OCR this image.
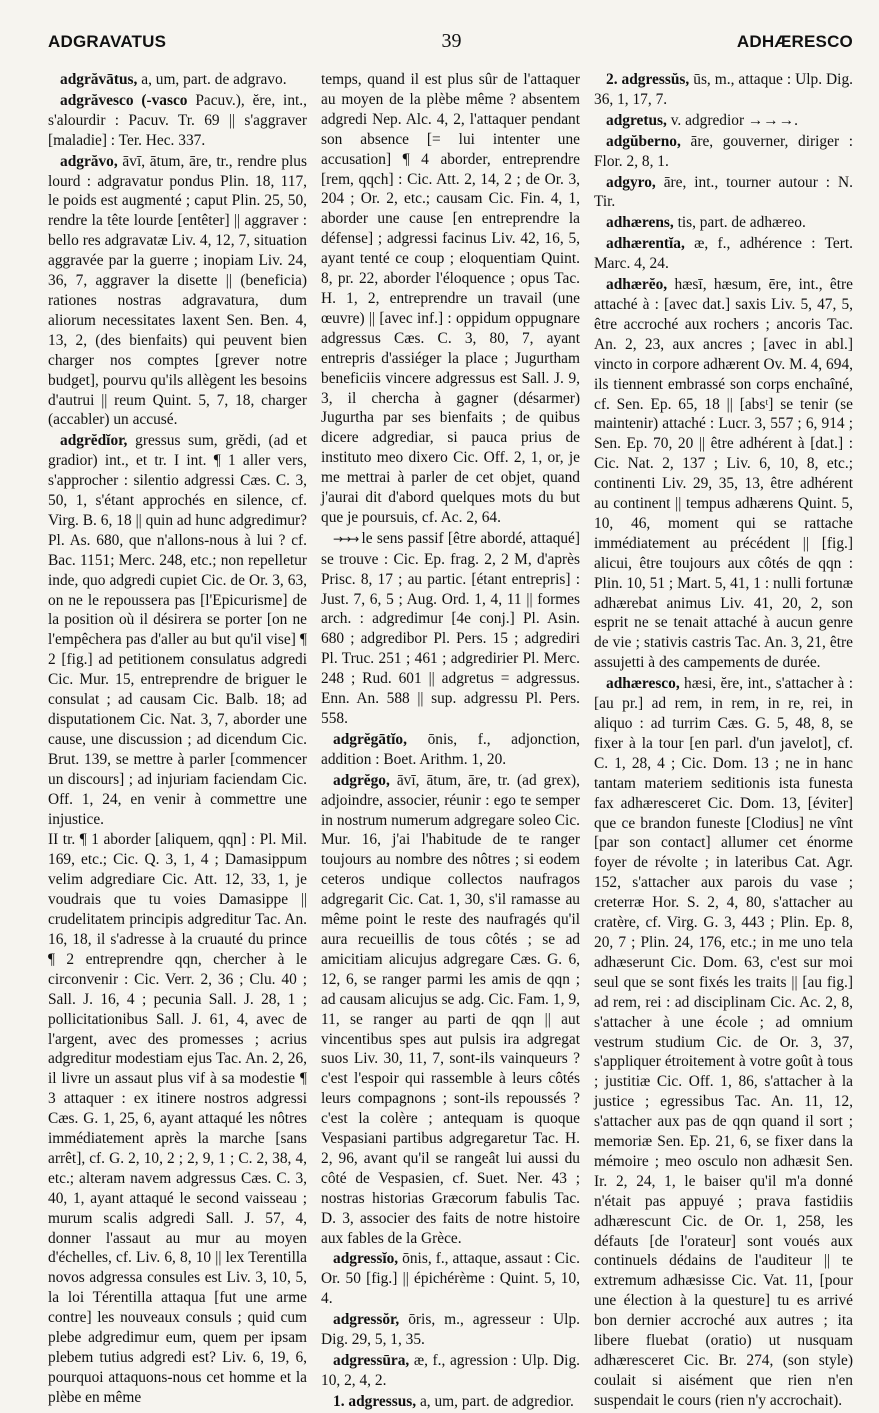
ADGRAVATUS	39	ADHÆRESCO

adgrăvātus, a, um, part. de adgravo.

adgrăvesco (-vasco Pacuv.), ĕre, int., s'alourdir : Pacuv. Tr. 69 || s'aggraver [maladie] : Ter. Hec. 337.

adgrăvo, āvī, ātum, āre, tr., rendre plus lourd : adgravatur pondus Plin. 18, 117, le poids est augmenté ; caput Plin. 25, 50, rendre la tête lourde [entêter] || aggraver : bello res adgravatæ Liv. 4, 12, 7, situation aggravée par la guerre ; inopiam Liv. 24, 36, 7, aggraver la disette || (beneficia) rationes nostras adgravatura, dum aliorum necessitates laxent Sen. Ben. 4, 13, 2, (des bienfaits) qui peuvent bien charger nos comptes [grever notre budget], pourvu qu'ils allègent les besoins d'autrui || reum Quint. 5, 7, 18, charger (accabler) un accusé.

adgrĕdĭor, gressus sum, grĕdi, (ad et gradior) int., et tr. I int. ¶ 1 aller vers, s'approcher : silentio adgressi Cæs. C. 3, 50, 1, s'étant approchés en silence, cf. Virg. B. 6, 18 || quin ad hunc adgredimur? Pl. As. 680, que n'allons-nous à lui ? cf. Bac. 1151; Merc. 248, etc.; non repelletur inde, quo adgredi cupiet Cic. de Or. 3, 63, on ne le repoussera pas [l'Epicurisme] de la position où il désirera se porter [on ne l'empêchera pas d'aller au but qu'il vise] ¶ 2 [fig.] ad petitionem consulatus adgredi Cic. Mur. 15, entreprendre de briguer le consulat ; ad causam Cic. Balb. 18; ad disputationem Cic. Nat. 3, 7, aborder une cause, une discussion ; ad dicendum Cic. Brut. 139, se mettre à parler [commencer un discours] ; ad injuriam faciendam Cic. Off. 1, 24, en venir à commettre une injustice.

II tr. ¶ 1 aborder [aliquem, qqn] : Pl. Mil. 169, etc.; Cic. Q. 3, 1, 4 ; Damasippum velim adgrediare Cic. Att. 12, 33, 1, je voudrais que tu voies Damasippe || crudelitatem principis adgreditur Tac. An. 16, 18, il s'adresse à la cruauté du prince ¶ 2 entreprendre qqn, chercher à le circonvenir : Cic. Verr. 2, 36 ; Clu. 40 ; Sall. J. 16, 4 ; pecunia Sall. J. 28, 1 ; pollicitationibus Sall. J. 61, 4, avec de l'argent, avec des promesses ; acrius adgreditur modestiam ejus Tac. An. 2, 26, il livre un assaut plus vif à sa modestie ¶ 3 attaquer : ex itinere nostros adgressi Cæs. G. 1, 25, 6, ayant attaqué les nôtres immédiatement après la marche [sans arrêt], cf. G. 2, 10, 2 ; 2, 9, 1 ; C. 2, 38, 4, etc.; alteram navem adgressus Cæs. C. 3, 40, 1, ayant attaqué le second vaisseau ; murum scalis adgredi Sall. J. 57, 4, donner l'assaut au mur au moyen d'échelles, cf. Liv. 6, 8, 10 || lex Terentilla novos adgressa consules est Liv. 3, 10, 5, la loi Térentilla attaqua [fut une arme contre] les nouveaux consuls ; quid cum plebe adgredimur eum, quem per ipsam plebem tutius adgredi est? Liv. 6, 19, 6, pourquoi attaquons-nous cet homme et la plèbe en même

temps, quand il est plus sûr de l'attaquer au moyen de la plèbe même ? absentem adgredi Nep. Alc. 4, 2, l'attaquer pendant son absence [= lui intenter une accusation] ¶ 4 aborder, entreprendre [rem, qqch] : Cic. Att. 2, 14, 2 ; de Or. 3, 204 ; Or. 2, etc.; causam Cic. Fin. 4, 1, aborder une cause [en entreprendre la défense] ; adgressi facinus Liv. 42, 16, 5, ayant tenté ce coup ; eloquentiam Quint. 8, pr. 22, aborder l'éloquence ; opus Tac. H. 1, 2, entreprendre un travail (une œuvre) || [avec inf.] : oppidum oppugnare adgressus Cæs. C. 3, 80, 7, ayant entrepris d'assiéger la place ; Jugurtham beneficiis vincere adgressus est Sall. J. 9, 3, il chercha à gagner (désarmer) Jugurtha par ses bienfaits ; de quibus dicere adgrediar, si pauca prius de instituto meo dixero Cic. Off. 2, 1, or, je me mettrai à parler de cet objet, quand j'aurai dit d'abord quelques mots du but que je poursuis, cf. Ac. 2, 64.

→→→ le sens passif [être abordé, attaqué] se trouve : Cic. Ep. frag. 2, 2 M, d'après Prisc. 8, 17 ; au partic. [étant entrepris] : Just. 7, 6, 5 ; Aug. Ord. 1, 4, 11 || formes arch. : adgredimur [4e conj.] Pl. Asin. 680 ; adgredibor Pl. Pers. 15 ; adgrediri Pl. Truc. 251 ; 461 ; adgredirier Pl. Merc. 248 ; Rud. 601 || adgretus = adgressus. Enn. An. 588 || sup. adgressu Pl. Pers. 558.

adgrĕgātĭo, ōnis, f., adjonction, addition : Boet. Arithm. 1, 20.

adgrĕgo, āvī, ātum, āre, tr. (ad grex), adjoindre, associer, réunir : ego te semper in nostrum numerum adgregare soleo Cic. Mur. 16, j'ai l'habitude de te ranger toujours au nombre des nôtres ; si eodem ceteros undique collectos naufragos adgregarit Cic. Cat. 1, 30, s'il ramasse au même point le reste des naufragés qu'il aura recueillis de tous côtés ; se ad amicitiam alicujus adgregare Cæs. G. 6, 12, 6, se ranger parmi les amis de qqn ; ad causam alicujus se adg. Cic. Fam. 1, 9, 11, se ranger au parti de qqn || aut vincentibus spes aut pulsis ira adgregat suos Liv. 30, 11, 7, sont-ils vainqueurs ? c'est l'espoir qui rassemble à leurs côtés leurs compagnons ; sont-ils repoussés ? c'est la colère ; antequam is quoque Vespasiani partibus adgregaretur Tac. H. 2, 96, avant qu'il se rangeât lui aussi du côté de Vespasien, cf. Suet. Ner. 43 ; nostras historias Græcorum fabulis Tac. D. 3, associer des faits de notre histoire aux fables de la Grèce.

adgressĭo, ōnis, f., attaque, assaut : Cic. Or. 50 [fig.] || épichérème : Quint. 5, 10, 4.

adgressŏr, ōris, m., agresseur : Ulp. Dig. 29, 5, 1, 35.

adgressūra, æ, f., agression : Ulp. Dig. 10, 2, 4, 2.

1. adgressus, a, um, part. de adgredior.

2. adgressŭs, ūs, m., attaque : Ulp. Dig. 36, 1, 17, 7.

adgretus, v. adgredior →→→.

adgŭberno, āre, gouverner, diriger : Flor. 2, 8, 1.

adgyro, āre, int., tourner autour : N. Tir.

adhærens, tis, part. de adhæreo.

adhærentĭa, æ, f., adhérence : Tert. Marc. 4, 24.

adhærĕo, hæsī, hæsum, ēre, int., être attaché à : [avec dat.] saxis Liv. 5, 47, 5, être accroché aux rochers ; ancoris Tac. An. 2, 23, aux ancres ; [avec in abl.] vincto in corpore adhærent Ov. M. 4, 694, ils tiennent embrassé son corps enchaîné, cf. Sen. Ep. 65, 18 || [absᵗ] se tenir (se maintenir) attaché : Lucr. 3, 557 ; 6, 914 ; Sen. Ep. 70, 20 || être adhérent à [dat.] : Cic. Nat. 2, 137 ; Liv. 6, 10, 8, etc.; continenti Liv. 29, 35, 13, être adhérent au continent || tempus adhærens Quint. 5, 10, 46, moment qui se rattache immédiatement au précédent || [fig.] alicui, être toujours aux côtés de qqn : Plin. 10, 51 ; Mart. 5, 41, 1 : nulli fortunæ adhærebat animus Liv. 41, 20, 2, son esprit ne se tenait attaché à aucun genre de vie ; stativis castris Tac. An. 3, 21, être assujetti à des campements de durée.

adhæresco, hæsi, ĕre, int., s'attacher à : [au pr.] ad rem, in rem, in re, rei, in aliquo : ad turrim Cæs. G. 5, 48, 8, se fixer à la tour [en parl. d'un javelot], cf. C. 1, 28, 4 ; Cic. Dom. 13 ; ne in hanc tantam materiem seditionis ista funesta fax adhæresceret Cic. Dom. 13, [éviter] que ce brandon funeste [Clodius] ne vînt [par son contact] allumer cet énorme foyer de révolte ; in lateribus Cat. Agr. 152, s'attacher aux parois du vase ; creterræ Hor. S. 2, 4, 80, s'attacher au cratère, cf. Virg. G. 3, 443 ; Plin. Ep. 8, 20, 7 ; Plin. 24, 176, etc.; in me uno tela adhæserunt Cic. Dom. 63, c'est sur moi seul que se sont fixés les traits || [au fig.] ad rem, rei : ad disciplinam Cic. Ac. 2, 8, s'attacher à une école ; ad omnium vestrum studium Cic. de Or. 3, 37, s'appliquer étroitement à votre goût à tous ; justitiæ Cic. Off. 1, 86, s'attacher à la justice ; egressibus Tac. An. 11, 12, s'attacher aux pas de qqn quand il sort ; memoriæ Sen. Ep. 21, 6, se fixer dans la mémoire ; meo osculo non adhæsit Sen. Ir. 2, 24, 1, le baiser qu'il m'a donné n'était pas appuyé ; prava fastidiis adhærescunt Cic. de Or. 1, 258, les défauts [de l'orateur] sont voués aux continuels dédains de l'auditeur || te extremum adhæsisse Cic. Vat. 11, [pour une élection à la questure] tu es arrivé bon dernier accroché aux autres ; ita libere fluebat (oratio) ut nusquam adhæresceret Cic. Br. 274, (son style) coulait si aisément que rien n'en suspendait le cours (rien n'y accrochait).
